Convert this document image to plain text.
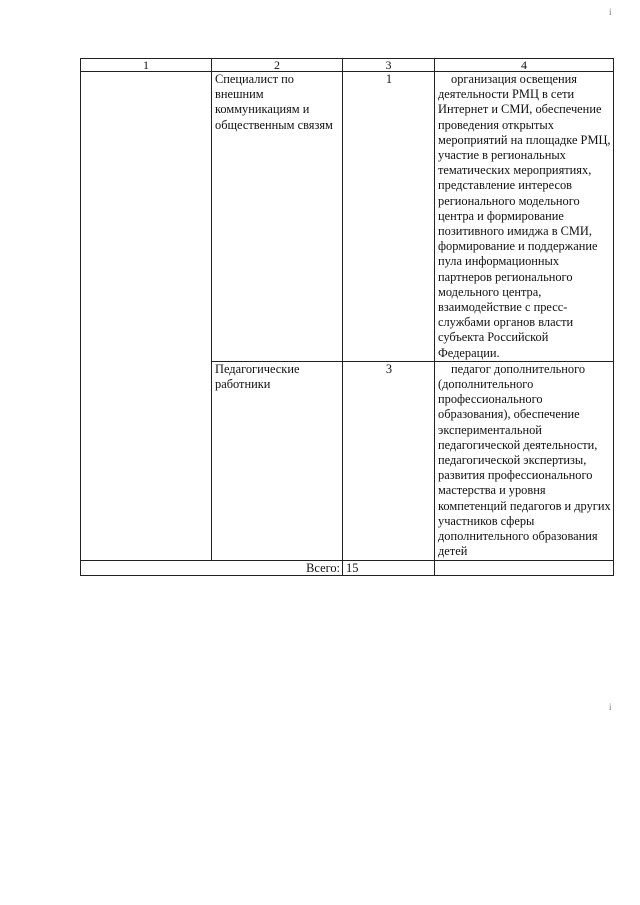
i
1	2	3	4
	Специалист по внешним коммуникациям и общественным связям	1	организация освещения деятельности РМЦ в сети Интернет и СМИ, обеспечение проведения открытых мероприятий на площадке РМЦ, участие в региональных тематических мероприятиях, представление интересов регионального модельного центра и формирование позитивного имиджа в СМИ, формирование и поддержание пула информационных партнеров регионального модельного центра, взаимодействие с пресс-службами органов власти субъекта Российской Федерации.
	Педагогические работники	3	педагог дополнительного (дополнительного профессионального образования), обеспечение экспериментальной педагогической деятельности, педагогической экспертизы, развития профессионального мастерства и уровня компетенций педагогов и других участников сферы дополнительного образования детей
Всего:		15	
i
